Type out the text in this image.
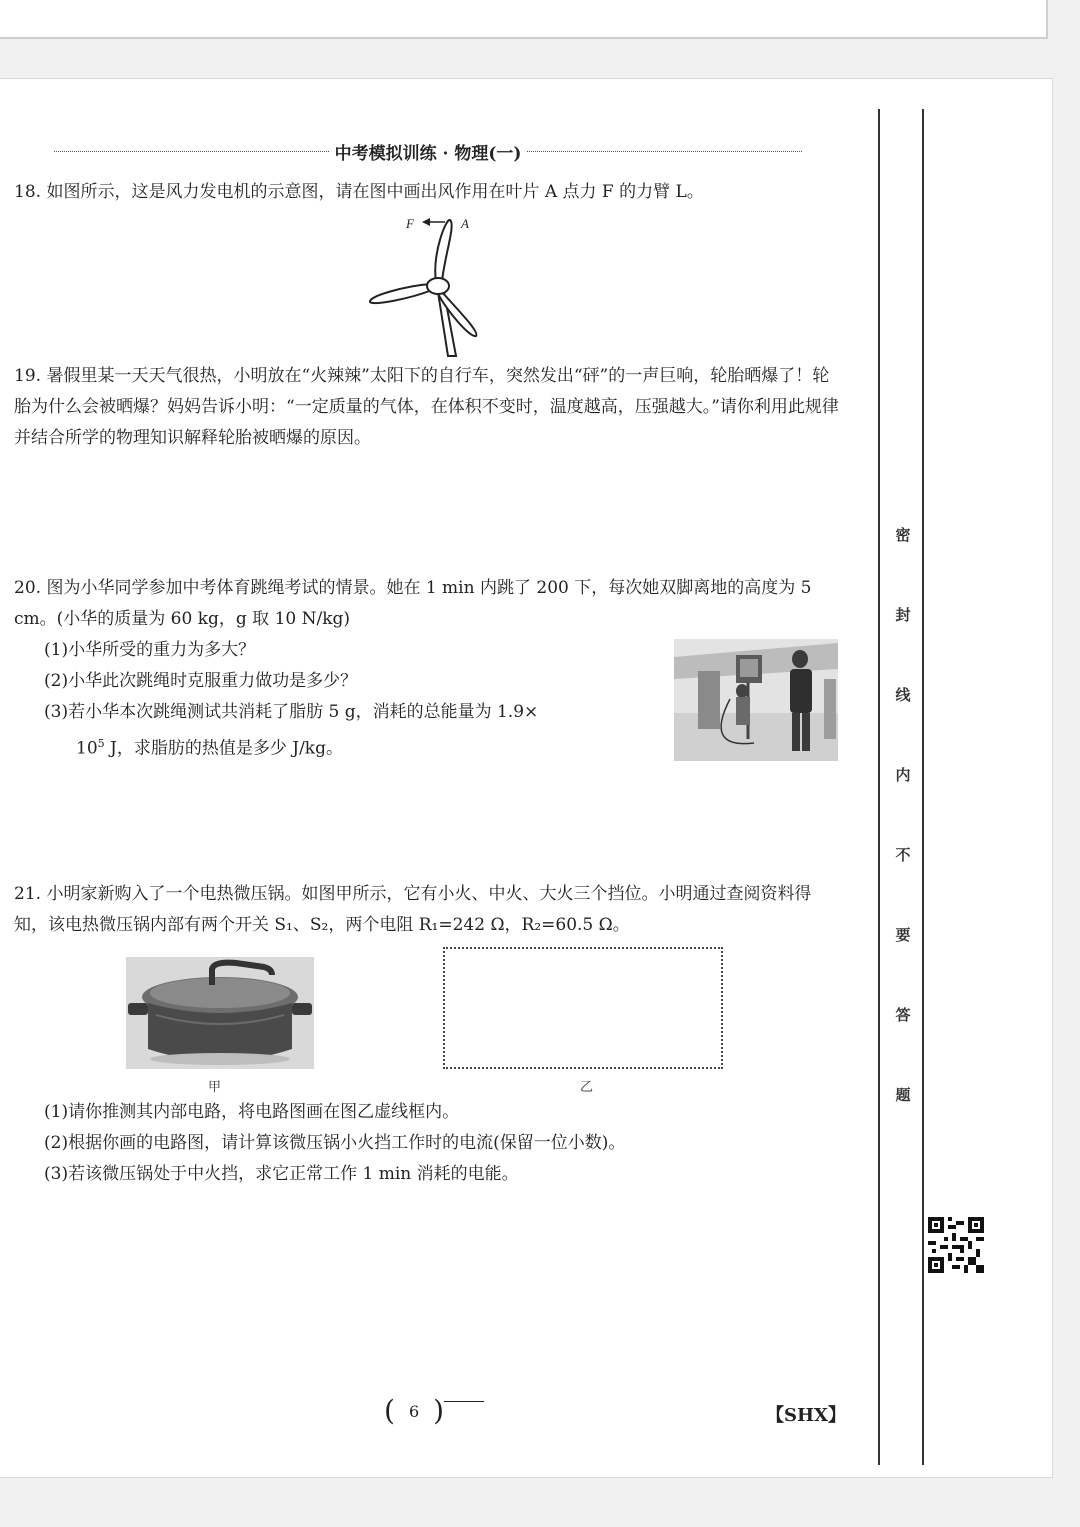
中考模拟训练 · 物理(一)
18. 如图所示，这是风力发电机的示意图，请在图中画出风作用在叶片 A 点力 F 的力臂 L。
F	A
19. 暑假里某一天天气很热，小明放在“火辣辣”太阳下的自行车，突然发出“砰”的一声巨响，轮胎晒爆了！轮胎为什么会被晒爆？妈妈告诉小明：“一定质量的气体，在体积不变时，温度越高，压强越大。”请你利用此规律并结合所学的物理知识解释轮胎被晒爆的原因。
20. 图为小华同学参加中考体育跳绳考试的情景。她在 1 min 内跳了 200 下，每次她双脚离地的高度为 5 cm。(小华的质量为 60 kg，g 取 10 N/kg)
(1)小华所受的重力为多大？
(2)小华此次跳绳时克服重力做功是多少？
(3)若小华本次跳绳测试共消耗了脂肪 5 g，消耗的总能量为 1.9×
$10^5$ J，求脂肪的热值是多少 J/kg。
21. 小明家新购入了一个电热微压锅。如图甲所示，它有小火、中火、大火三个挡位。小明通过查阅资料得知，该电热微压锅内部有两个开关 S₁、S₂，两个电阻 R₁=242 Ω，R₂=60.5 Ω。
甲	乙
(1)请你推测其内部电路，将电路图画在图乙虚线框内。
(2)根据你画的电路图，请计算该微压锅小火挡工作时的电流(保留一位小数)。
(3)若该微压锅处于中火挡，求它正常工作 1 min 消耗的电能。
( 6 )	【SHX】
密
封
线
内
不
要
答
题
